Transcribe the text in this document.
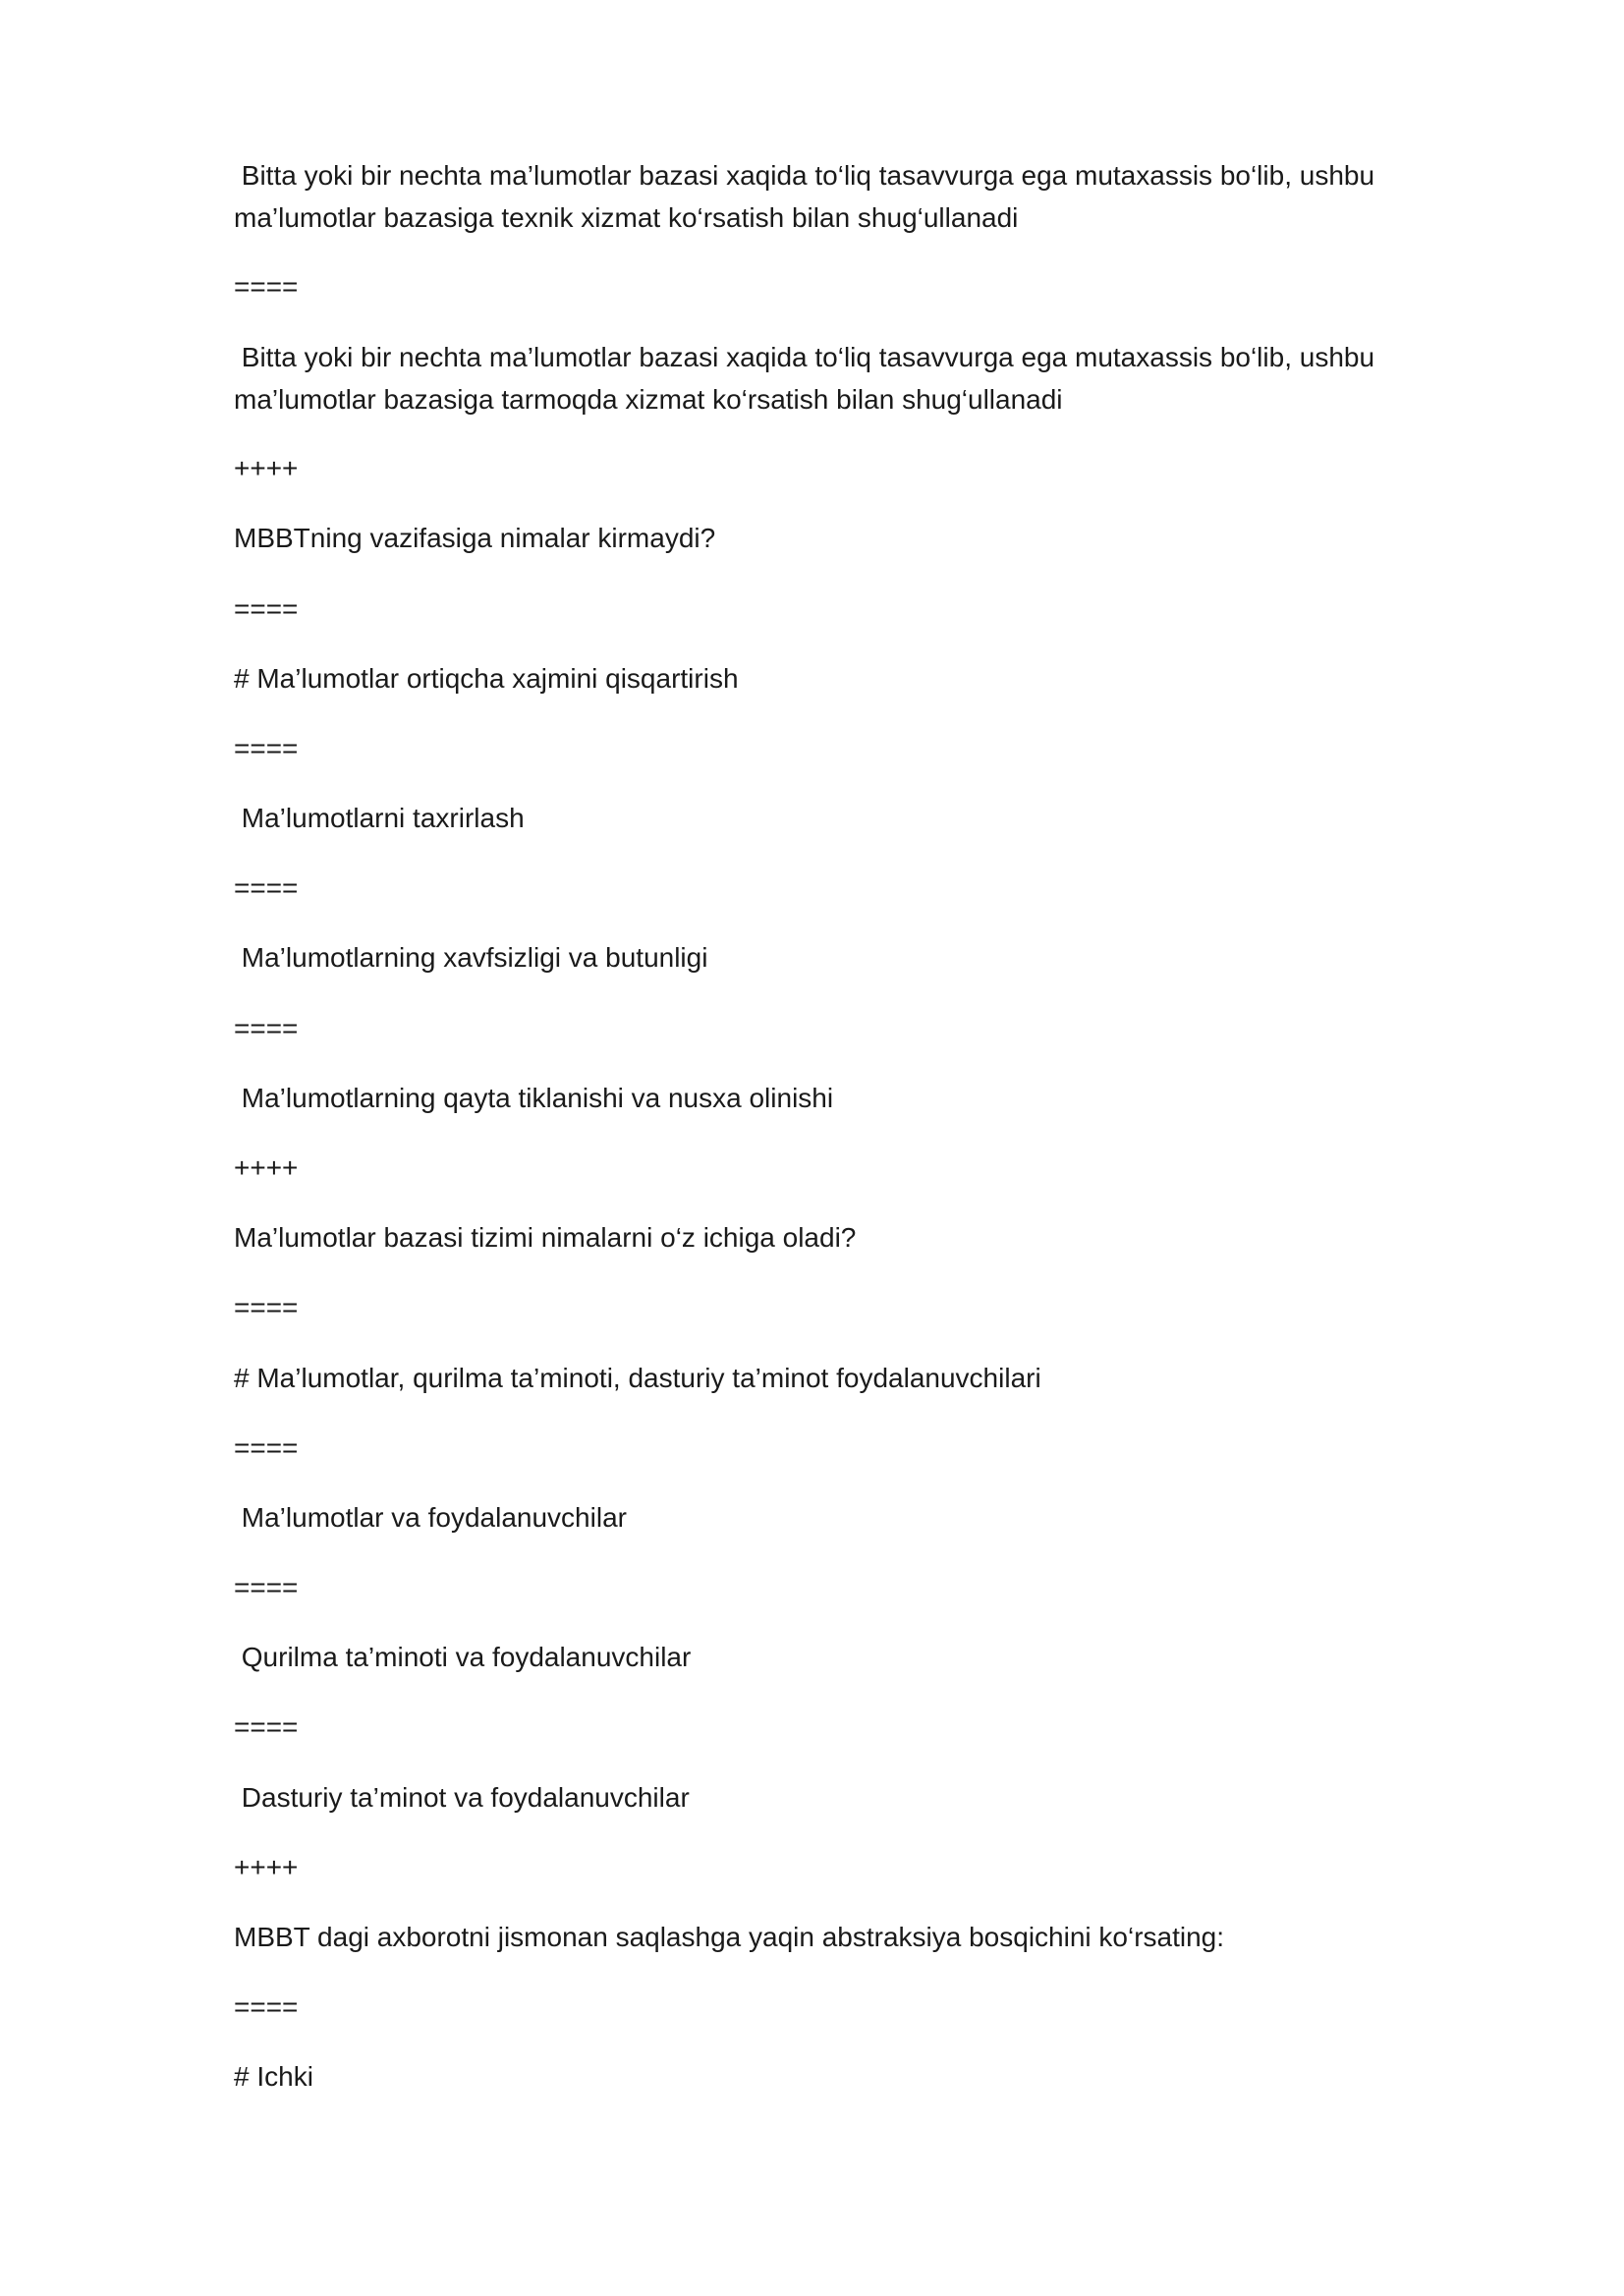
Bitta yoki bir nechta ma’lumotlar bazasi xaqida to‘liq tasavvurga ega mutaxassis bo‘lib, ushbu ma’lumotlar bazasiga texnik xizmat ko‘rsatish bilan shug‘ullanadi

====

Bitta yoki bir nechta ma’lumotlar bazasi xaqida to‘liq tasavvurga ega mutaxassis bo‘lib, ushbu ma’lumotlar bazasiga tarmoqda xizmat ko‘rsatish bilan shug‘ullanadi

++++

MBBTning vazifasiga nimalar kirmaydi?

====

# Ma’lumotlar ortiqcha xajmini qisqartirish

====

Ma’lumotlarni taxrirlash

====

Ma’lumotlarning xavfsizligi va butunligi

====

Ma’lumotlarning qayta tiklanishi va nusxa olinishi

++++

Ma’lumotlar bazasi tizimi nimalarni o‘z ichiga oladi?

====

# Ma’lumotlar, qurilma ta’minoti, dasturiy ta’minot foydalanuvchilari

====

Ma’lumotlar va foydalanuvchilar

====

Qurilma ta’minoti va foydalanuvchilar

====

Dasturiy ta’minot va foydalanuvchilar

++++

MBBT dagi axborotni jismonan saqlashga yaqin abstraksiya bosqichini ko‘rsating:

====

# Ichki
